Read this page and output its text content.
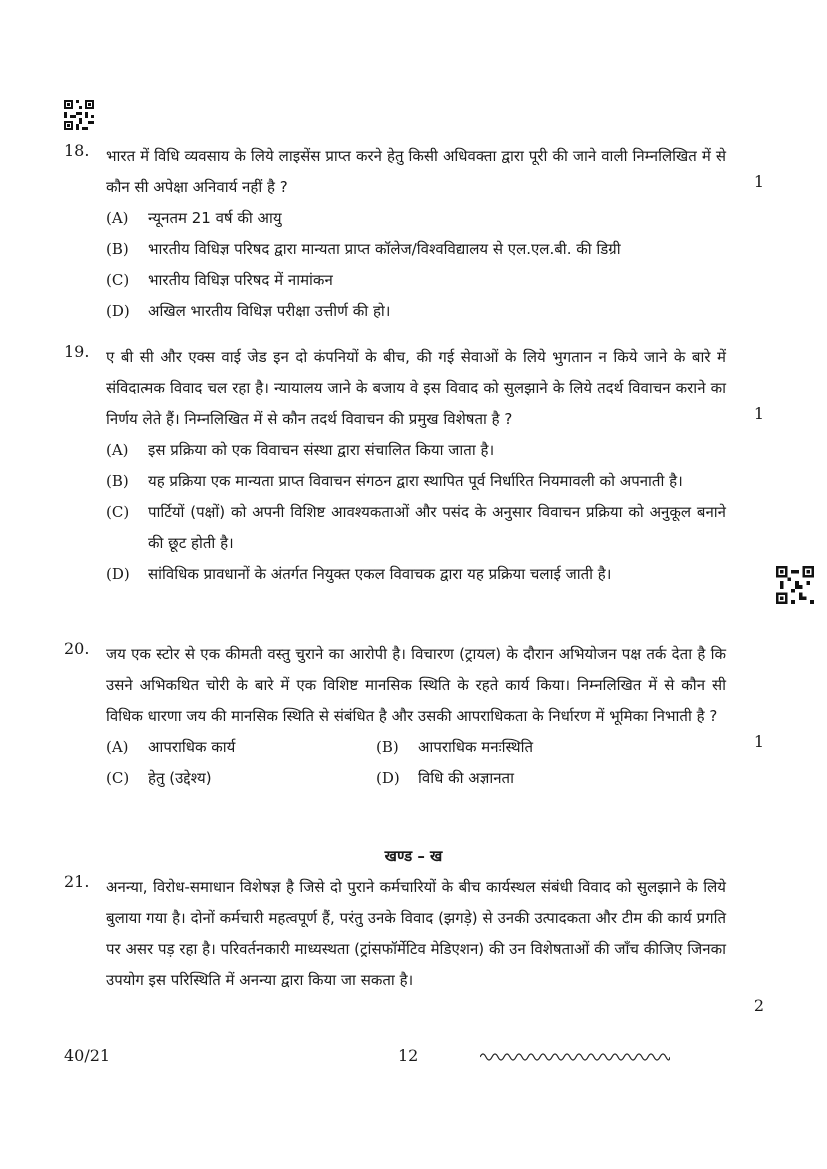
18. भारत में विधि व्यवसाय के लिये लाइसेंस प्राप्त करने हेतु किसी अधिवक्ता द्वारा पूरी की जाने वाली निम्नलिखित में से कौन सी अपेक्षा अनिवार्य नहीं है ?	1
(A)	न्यूनतम 21 वर्ष की आयु
(B)	भारतीय विधिज्ञ परिषद द्वारा मान्यता प्राप्त कॉलेज/विश्वविद्यालय से एल.एल.बी. की डिग्री
(C)	भारतीय विधिज्ञ परिषद में नामांकन
(D)	अखिल भारतीय विधिज्ञ परीक्षा उत्तीर्ण की हो।
19. ए बी सी और एक्स वाई जेड इन दो कंपनियों के बीच, की गई सेवाओं के लिये भुगतान न किये जाने के बारे में संविदात्मक विवाद चल रहा है। न्यायालय जाने के बजाय वे इस विवाद को सुलझाने के लिये तदर्थ विवाचन कराने का निर्णय लेते हैं। निम्नलिखित में से कौन तदर्थ विवाचन की प्रमुख विशेषता है ?	1
(A)	इस प्रक्रिया को एक विवाचन संस्था द्वारा संचालित किया जाता है।
(B)	यह प्रक्रिया एक मान्यता प्राप्त विवाचन संगठन द्वारा स्थापित पूर्व निर्धारित नियमावली को अपनाती है।
(C)	पार्टियों (पक्षों) को अपनी विशिष्ट आवश्यकताओं और पसंद के अनुसार विवाचन प्रक्रिया को अनुकूल बनाने की छूट होती है।
(D)	सांविधिक प्रावधानों के अंतर्गत नियुक्त एकल विवाचक द्वारा यह प्रक्रिया चलाई जाती है।
20. जय एक स्टोर से एक कीमती वस्तु चुराने का आरोपी है। विचारण (ट्रायल) के दौरान अभियोजन पक्ष तर्क देता है कि उसने अभिकथित चोरी के बारे में एक विशिष्ट मानसिक स्थिति के रहते कार्य किया। निम्नलिखित में से कौन सी विधिक धारणा जय की मानसिक स्थिति से संबंधित है और उसकी आपराधिकता के निर्धारण में भूमिका निभाती है ?
1
(A)	आपराधिक कार्य	(B)	आपराधिक मनःस्थिति
(C)	हेतु (उद्देश्य)	(D)	विधि की अज्ञानता
खण्ड – ख
21. अनन्या, विरोध-समाधान विशेषज्ञ है जिसे दो पुराने कर्मचारियों के बीच कार्यस्थल संबंधी विवाद को सुलझाने के लिये बुलाया गया है। दोनों कर्मचारी महत्वपूर्ण हैं, परंतु उनके विवाद (झगड़े) से उनकी उत्पादकता और टीम की कार्य प्रगति पर असर पड़ रहा है। परिवर्तनकारी माध्यस्थता (ट्रांसफॉर्मेटिव मेडिएशन) की उन विशेषताओं की जाँच कीजिए जिनका उपयोग इस परिस्थिति में अनन्या द्वारा किया जा सकता है।
2
40/21	12
